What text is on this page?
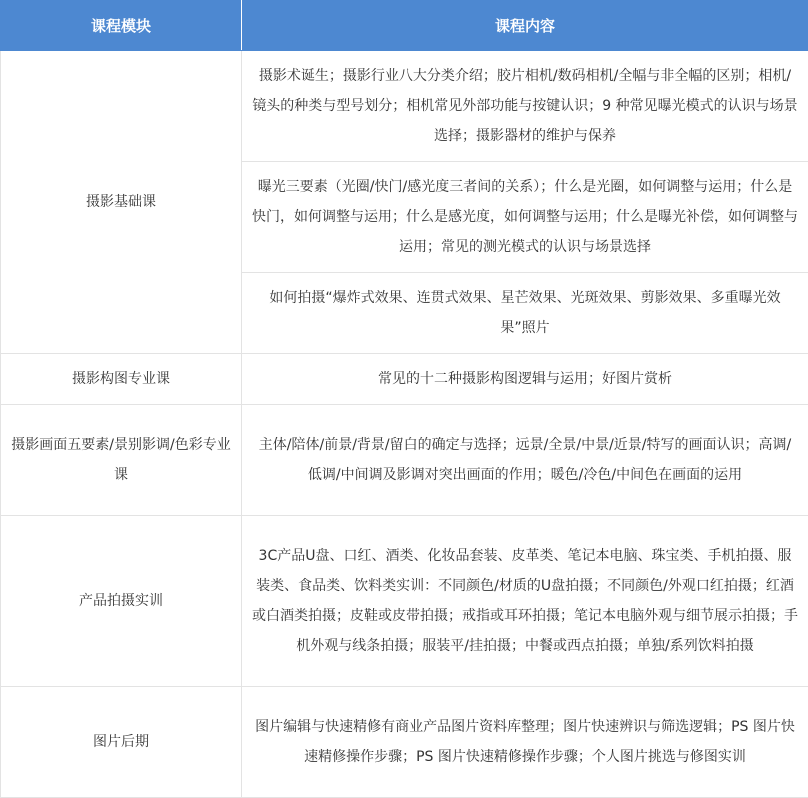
课程模块	课程内容
摄影基础课	摄影术诞生；摄影行业八大分类介绍；胶片相机/数码相机/全幅与非全幅的区别；相机/镜头的种类与型号划分；相机常见外部功能与按键认识；9 种常见曝光模式的认识与场景选择；摄影器材的维护与保养
	曝光三要素（光圈/快门/感光度三者间的关系）；什么是光圈，如何调整与运用；什么是快门，如何调整与运用；什么是感光度，如何调整与运用；什么是曝光补偿，如何调整与运用；常见的测光模式的认识与场景选择
	如何拍摄“爆炸式效果、连贯式效果、星芒效果、光斑效果、剪影效果、多重曝光效果”照片
摄影构图专业课	常见的十二种摄影构图逻辑与运用；好图片赏析
摄影画面五要素/景别影调/色彩专业课	主体/陪体/前景/背景/留白的确定与选择；远景/全景/中景/近景/特写的画面认识；高调/低调/中间调及影调对突出画面的作用；暖色/冷色/中间色在画面的运用
产品拍摄实训	3C产品U盘、口红、酒类、化妆品套装、皮革类、笔记本电脑、珠宝类、手机拍摄、服装类、食品类、饮料类实训：不同颜色/材质的U盘拍摄；不同颜色/外观口红拍摄；红酒或白酒类拍摄；皮鞋或皮带拍摄；戒指或耳环拍摄；笔记本电脑外观与细节展示拍摄；手机外观与线条拍摄；服装平/挂拍摄；中餐或西点拍摄；单独/系列饮料拍摄
图片后期	图片编辑与快速精修有商业产品图片资料库整理；图片快速辨识与筛选逻辑；PS 图片快速精修操作步骤；PS 图片快速精修操作步骤；个人图片挑选与修图实训
